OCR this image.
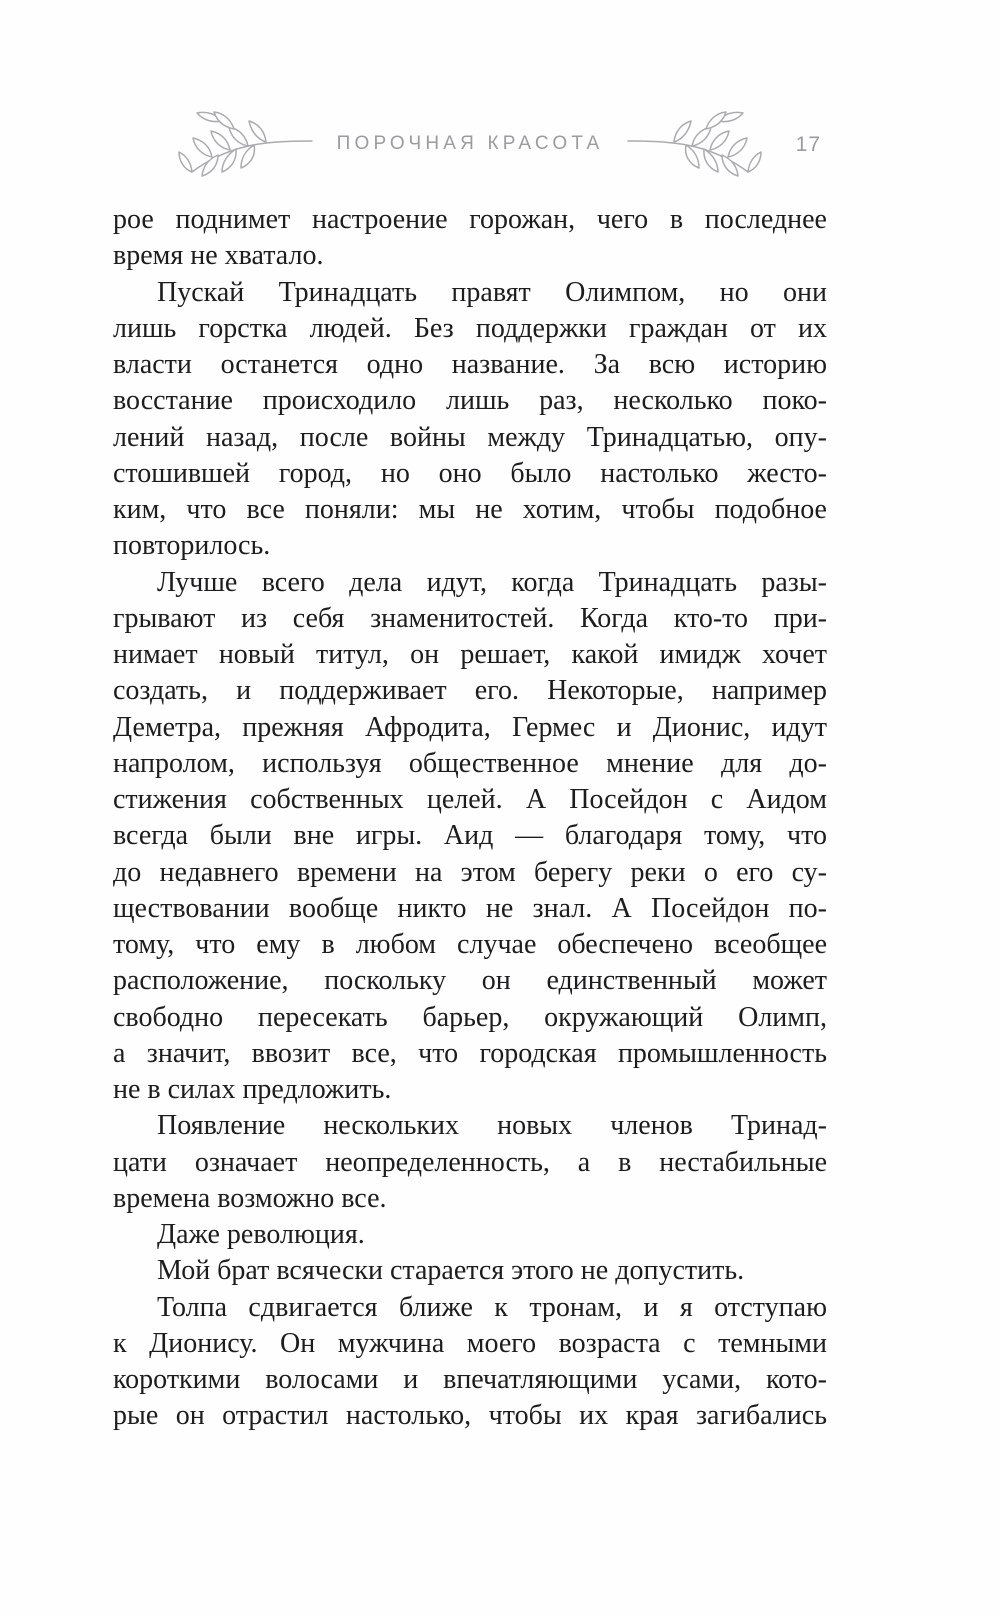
ПОРОЧНАЯ КРАСОТА	17
рое поднимет настроение горожан, чего в последнее
время не хватало.
Пускай Тринадцать правят Олимпом, но они
лишь горстка людей. Без поддержки граждан от их
власти останется одно название. За всю историю
восстание происходило лишь раз, несколько поко-
лений назад, после войны между Тринадцатью, опу-
стошившей город, но оно было настолько жесто-
ким, что все поняли: мы не хотим, чтобы подобное
повторилось.
Лучше всего дела идут, когда Тринадцать разы-
грывают из себя знаменитостей. Когда кто-то при-
нимает новый титул, он решает, какой имидж хочет
создать, и поддерживает его. Некоторые, например
Деметра, прежняя Афродита, Гермес и Дионис, идут
напролом, используя общественное мнение для до-
стижения собственных целей. А Посейдон с Аидом
всегда были вне игры. Аид — благодаря тому, что
до недавнего времени на этом берегу реки о его су-
ществовании вообще никто не знал. А Посейдон по-
тому, что ему в любом случае обеспечено всеобщее
расположение, поскольку он единственный может
свободно пересекать барьер, окружающий Олимп,
а значит, ввозит все, что городская промышленность
не в силах предложить.
Появление нескольких новых членов Тринад-
цати означает неопределенность, а в нестабильные
времена возможно все.
Даже революция.
Мой брат всячески старается этого не допустить.
Толпа сдвигается ближе к тронам, и я отступаю
к Дионису. Он мужчина моего возраста с темными
короткими волосами и впечатляющими усами, кото-
рые он отрастил настолько, чтобы их края загибались
